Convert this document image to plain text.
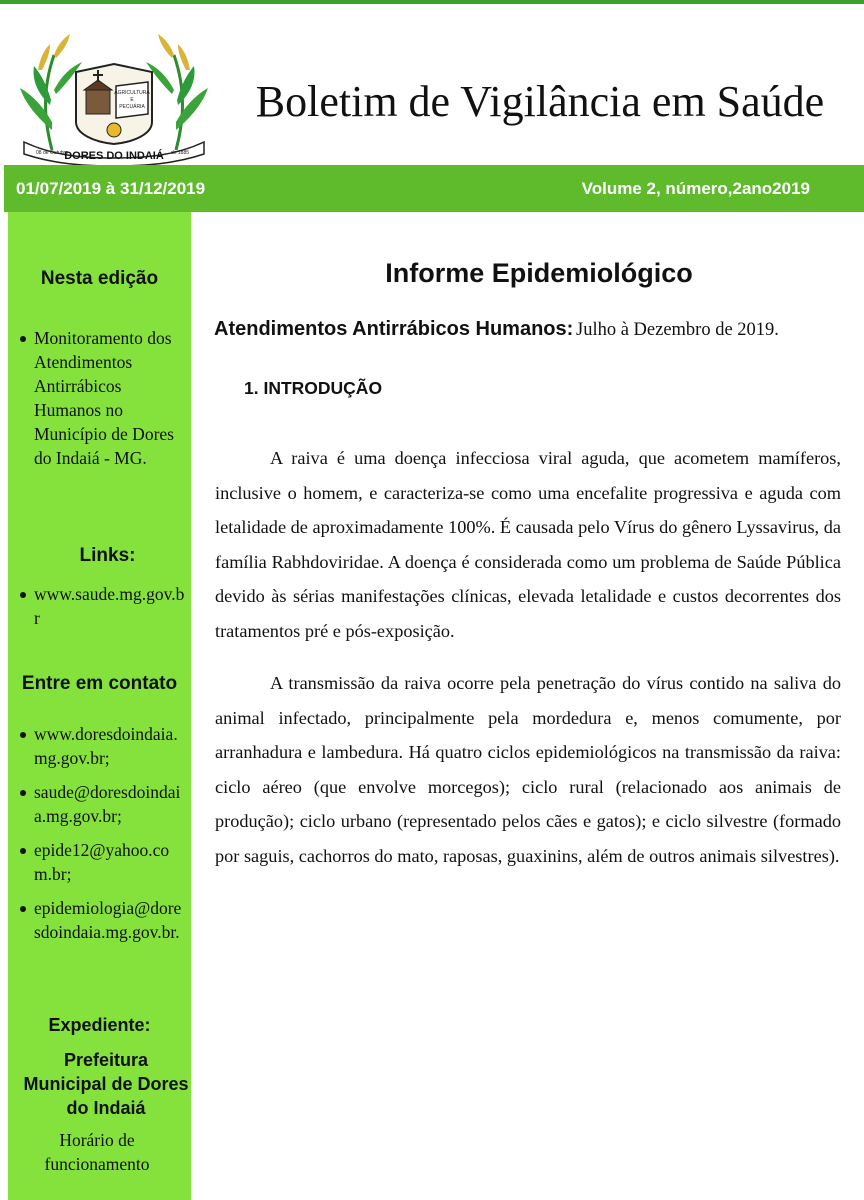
AGRICULTURA
E
PECUÁRIA
DORES DO INDAIÁ
08 de Outubro	de 1885
Boletim de Vigilância em Saúde
01/07/2019 à 31/12/2019	Volume 2, número,2ano2019
Nesta edição
Monitoramento dos Atendimentos Antirrábicos Humanos no Município de Dores do Indaiá - MG.
Links:
www.saude.mg.gov.br
Entre em contato
www.doresdoindaia.mg.gov.br;
saude@doresdoindaia.mg.gov.br;
epide12@yahoo.com.br;
epidemiologia@doresdoindaia.mg.gov.br.
Expediente:
Prefeitura Municipal de Dores do Indaiá
Horário de funcionamento
Informe Epidemiológico
Atendimentos Antirrábicos Humanos: Julho à Dezembro de 2019.
1. INTRODUÇÃO

A raiva é uma doença infecciosa viral aguda, que acometem mamíferos, inclusive o homem, e caracteriza-se como uma encefalite progressiva e aguda com letalidade de aproximadamente 100%. É causada pelo Vírus do gênero Lyssavirus, da família Rabhdoviridae. A doença é considerada como um problema de Saúde Pública devido às sérias manifestações clínicas, elevada letalidade e custos decorrentes dos tratamentos pré e pós-exposição.

A transmissão da raiva ocorre pela penetração do vírus contido na saliva do animal infectado, principalmente pela mordedura e, menos comumente, por arranhadura e lambedura. Há quatro ciclos epidemiológicos na transmissão da raiva: ciclo aéreo (que envolve morcegos); ciclo rural (relacionado aos animais de produção); ciclo urbano (representado pelos cães e gatos); e ciclo silvestre (formado por saguis, cachorros do mato, raposas, guaxinins, além de outros animais silvestres).
